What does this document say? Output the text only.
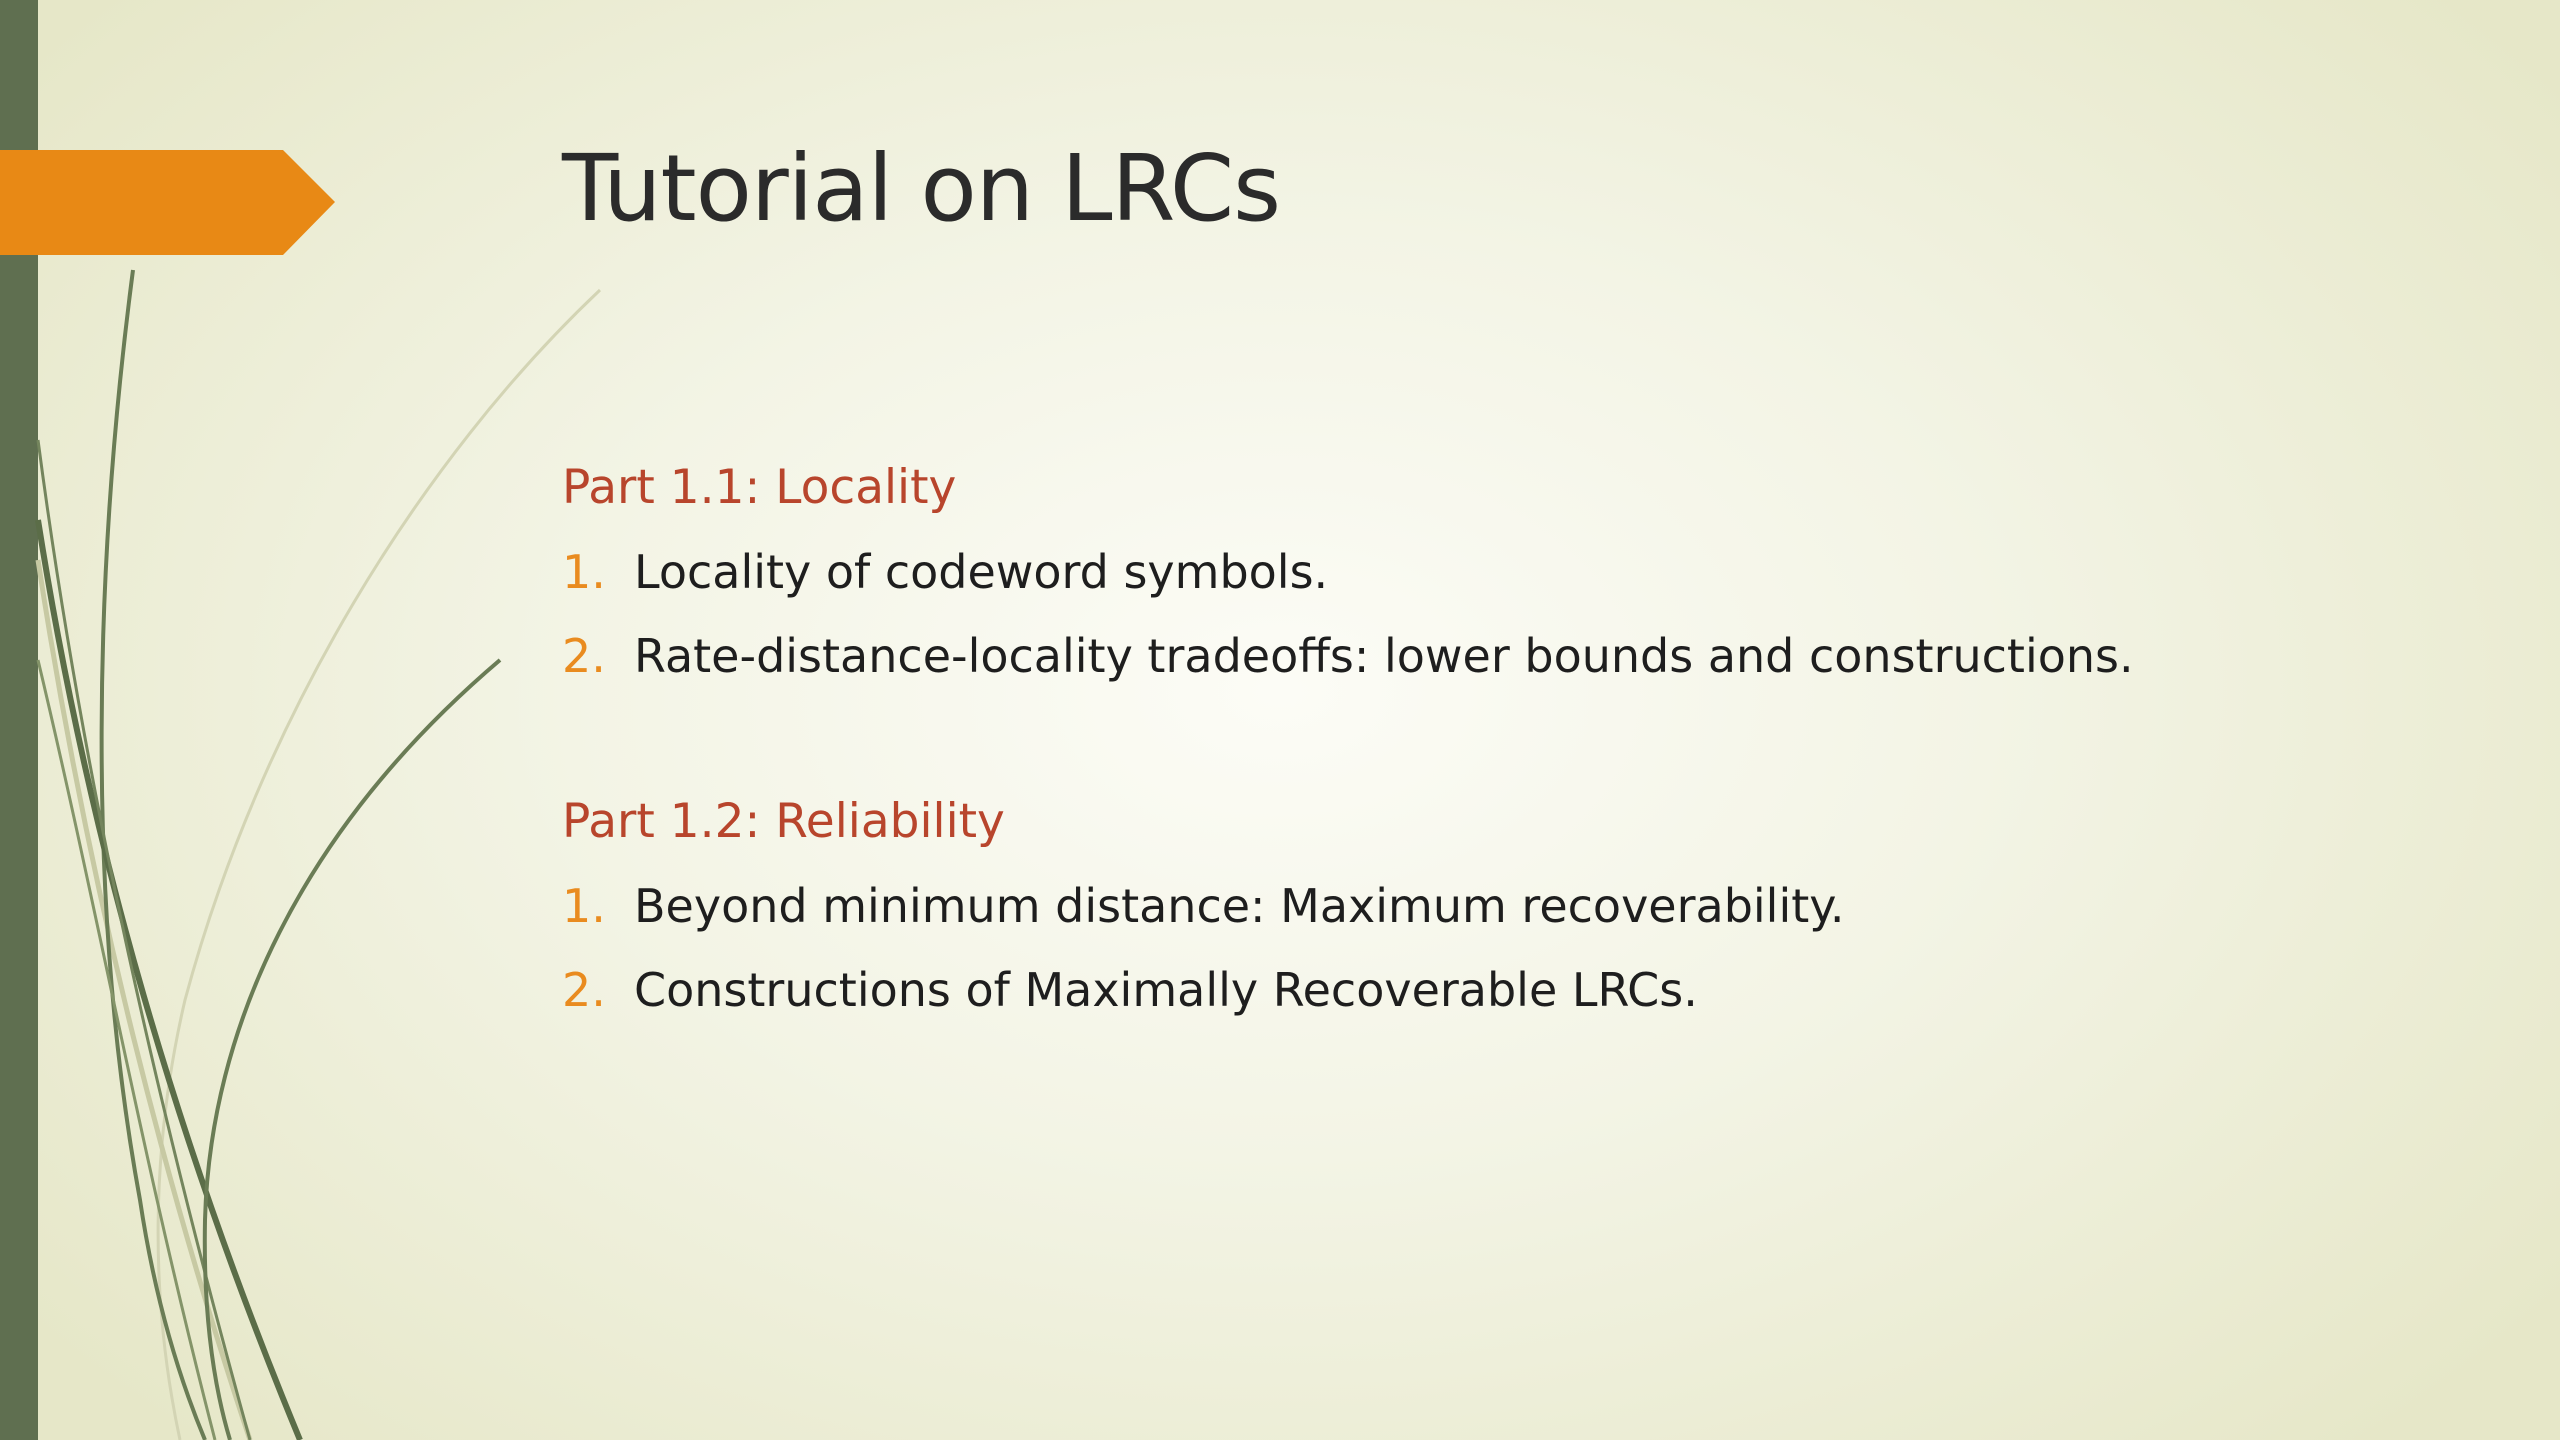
Tutorial on LRCs

Part 1.1: Locality

1. Locality of codeword symbols.
2. Rate-distance-locality tradeoffs: lower bounds and constructions.

Part 1.2: Reliability

1. Beyond minimum distance: Maximum recoverability.
2. Constructions of Maximally Recoverable LRCs.
